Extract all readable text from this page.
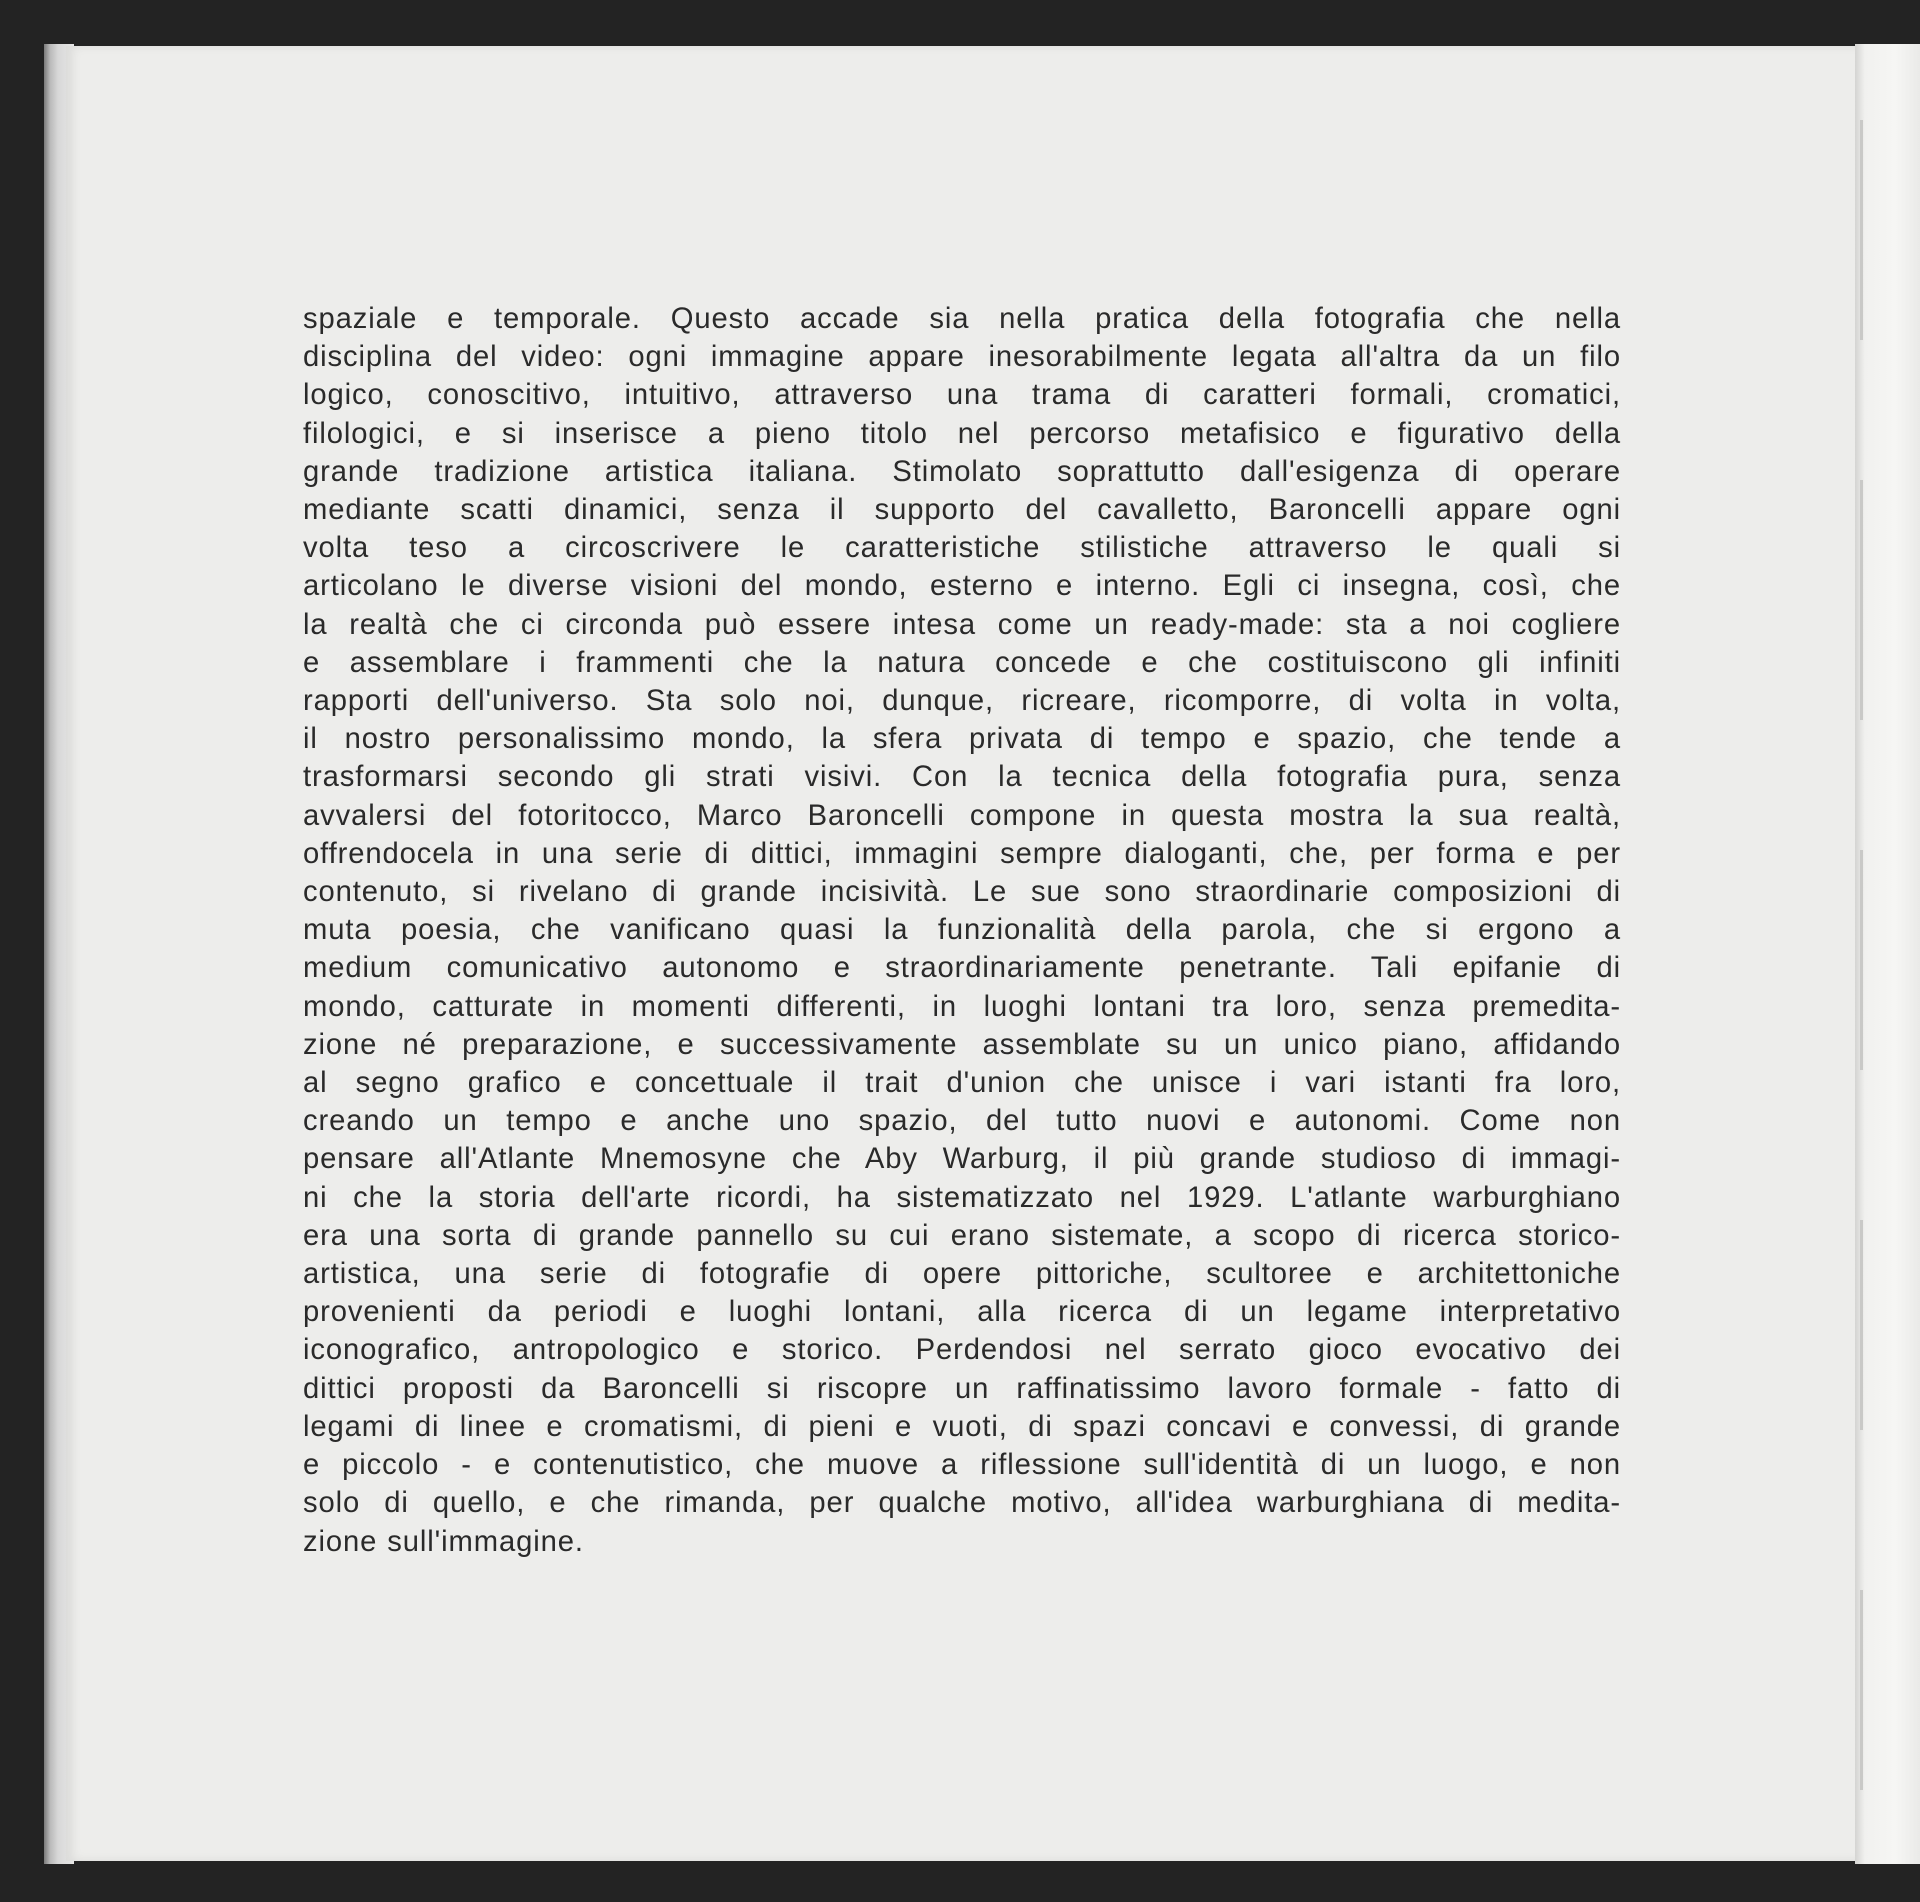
spaziale e temporale. Questo accade sia nella pratica della fotografia che nella
disciplina del video: ogni immagine appare inesorabilmente legata all'altra da un filo
logico, conoscitivo, intuitivo, attraverso una trama di caratteri formali, cromatici,
filologici, e si inserisce a pieno titolo nel percorso metafisico e figurativo della
grande tradizione artistica italiana. Stimolato soprattutto dall'esigenza di operare
mediante scatti dinamici, senza il supporto del cavalletto, Baroncelli appare ogni
volta teso a circoscrivere le caratteristiche stilistiche attraverso le quali si
articolano le diverse visioni del mondo, esterno e interno. Egli ci insegna, così, che
la realtà che ci circonda può essere intesa come un ready-made: sta a noi cogliere
e assemblare i frammenti che la natura concede e che costituiscono gli infiniti
rapporti dell'universo. Sta solo noi, dunque, ricreare, ricomporre, di volta in volta,
il nostro personalissimo mondo, la sfera privata di tempo e spazio, che tende a
trasformarsi secondo gli strati visivi. Con la tecnica della fotografia pura, senza
avvalersi del fotoritocco, Marco Baroncelli compone in questa mostra la sua realtà,
offrendocela in una serie di dittici, immagini sempre dialoganti, che, per forma e per
contenuto, si rivelano di grande incisività. Le sue sono straordinarie composizioni di
muta poesia, che vanificano quasi la funzionalità della parola, che si ergono a
medium comunicativo autonomo e straordinariamente penetrante. Tali epifanie di
mondo, catturate in momenti differenti, in luoghi lontani tra loro, senza premedita-
zione né preparazione, e successivamente assemblate su un unico piano, affidando
al segno grafico e concettuale il trait d'union che unisce i vari istanti fra loro,
creando un tempo e anche uno spazio, del tutto nuovi e autonomi. Come non
pensare all'Atlante Mnemosyne che Aby Warburg, il più grande studioso di immagi-
ni che la storia dell'arte ricordi, ha sistematizzato nel 1929. L'atlante warburghiano
era una sorta di grande pannello su cui erano sistemate, a scopo di ricerca storico-
artistica, una serie di fotografie di opere pittoriche, scultoree e architettoniche
provenienti da periodi e luoghi lontani, alla ricerca di un legame interpretativo
iconografico, antropologico e storico. Perdendosi nel serrato gioco evocativo dei
dittici proposti da Baroncelli si riscopre un raffinatissimo lavoro formale - fatto di
legami di linee e cromatismi, di pieni e vuoti, di spazi concavi e convessi, di grande
e piccolo - e contenutistico, che muove a riflessione sull'identità di un luogo, e non
solo di quello, e che rimanda, per qualche motivo, all'idea warburghiana di medita-
zione sull'immagine.
